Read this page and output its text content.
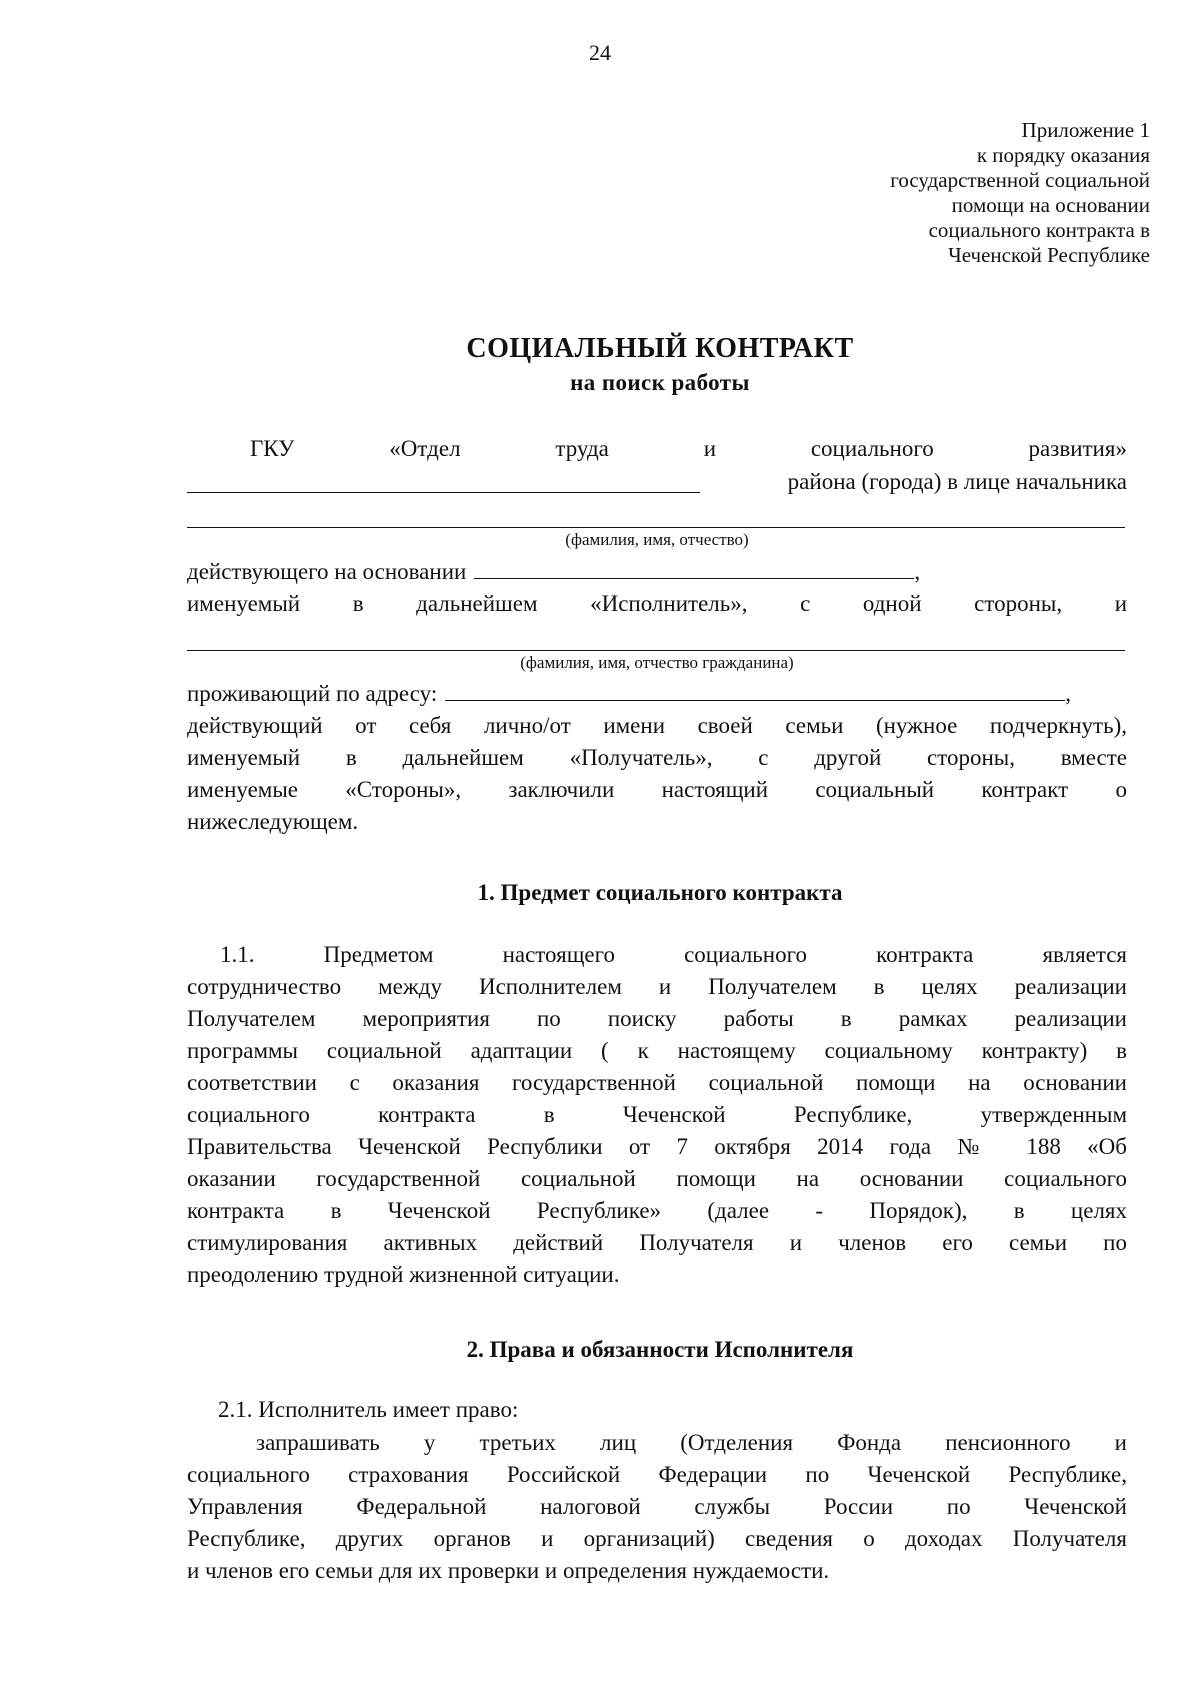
24
Приложение 1
к порядку оказания
государственной социальной
помощи на основании
социального контракта в
Чеченской Республике
СОЦИАЛЬНЫЙ КОНТРАКТ
на поиск работы
ГКУ	«Отдел	труда	и	социального	развития»
района (города) в лице начальника
(фамилия, имя, отчество)
действующего на основании	,
именуемый в дальнейшем «Исполнитель», с одной стороны, и
(фамилия, имя, отчество гражданина)
проживающий по адресу:	,
действующий от себя лично/от имени своей семьи (нужное подчеркнуть),
именуемый в дальнейшем «Получатель», с другой стороны, вместе
именуемые «Стороны», заключили настоящий социальный контракт о
нижеследующем.
1. Предмет социального контракта
1.1. Предметом настоящего социального контракта является
сотрудничество между Исполнителем и Получателем в целях реализации
Получателем мероприятия по поиску работы в рамках реализации
программы социальной адаптации ( к настоящему социальному контракту) в
соответствии с оказания государственной социальной помощи на основании
социального контракта в Чеченской Республике, утвержденным
Правительства Чеченской Республики от 7 октября 2014 года № 188 «Об
оказании государственной социальной помощи на основании социального
контракта в Чеченской Республике» (далее - Порядок), в целях
стимулирования активных действий Получателя и членов его семьи по
преодолению трудной жизненной ситуации.
2. Права и обязанности Исполнителя
2.1. Исполнитель имеет право:
запрашивать у третьих лиц (Отделения Фонда пенсионного и
социального страхования Российской Федерации по Чеченской Республике,
Управления Федеральной налоговой службы России по Чеченской
Республике, других органов и организаций) сведения о доходах Получателя
и членов его семьи для их проверки и определения нуждаемости.
